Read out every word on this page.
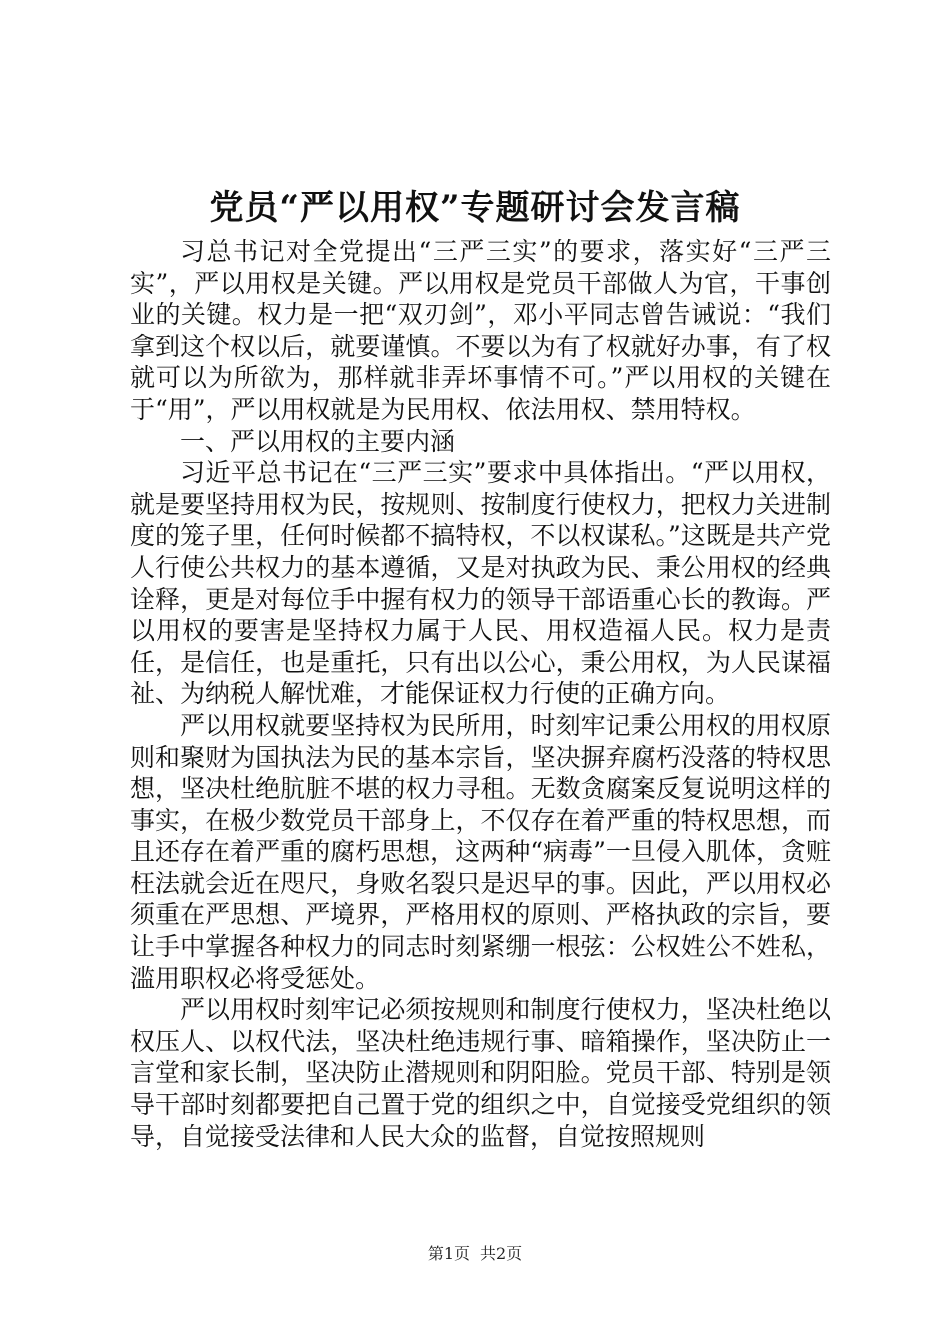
党员“严以用权”专题研讨会发言稿

习总书记对全党提出“三严三实”的要求，落实好“三严三实”，严以用权是关键。严以用权是党员干部做人为官，干事创业的关键。权力是一把“双刃剑”，邓小平同志曾告诫说：“我们拿到这个权以后，就要谨慎。不要以为有了权就好办事，有了权就可以为所欲为，那样就非弄坏事情不可。”严以用权的关键在于“用”，严以用权就是为民用权、依法用权、禁用特权。

一、严以用权的主要内涵

习近平总书记在“三严三实”要求中具体指出。“严以用权，就是要坚持用权为民，按规则、按制度行使权力，把权力关进制度的笼子里，任何时候都不搞特权，不以权谋私。”这既是共产党人行使公共权力的基本遵循，又是对执政为民、秉公用权的经典诠释，更是对每位手中握有权力的领导干部语重心长的教诲。严以用权的要害是坚持权力属于人民、用权造福人民。权力是责任，是信任，也是重托，只有出以公心，秉公用权，为人民谋福祉、为纳税人解忧难，才能保证权力行使的正确方向。

严以用权就要坚持权为民所用，时刻牢记秉公用权的用权原则和聚财为国执法为民的基本宗旨，坚决摒弃腐朽没落的特权思想，坚决杜绝肮脏不堪的权力寻租。无数贪腐案反复说明这样的事实，在极少数党员干部身上，不仅存在着严重的特权思想，而且还存在着严重的腐朽思想，这两种“病毒”一旦侵入肌体，贪赃枉法就会近在咫尺，身败名裂只是迟早的事。因此，严以用权必须重在严思想、严境界，严格用权的原则、严格执政的宗旨，要让手中掌握各种权力的同志时刻紧绷一根弦：公权姓公不姓私，滥用职权必将受惩处。

严以用权时刻牢记必须按规则和制度行使权力，坚决杜绝以权压人、以权代法，坚决杜绝违规行事、暗箱操作，坚决防止一言堂和家长制，坚决防止潜规则和阴阳脸。党员干部、特别是领导干部时刻都要把自己置于党的组织之中，自觉接受党组织的领导，自觉接受法律和人民大众的监督，自觉按照规则

第1页 共2页
